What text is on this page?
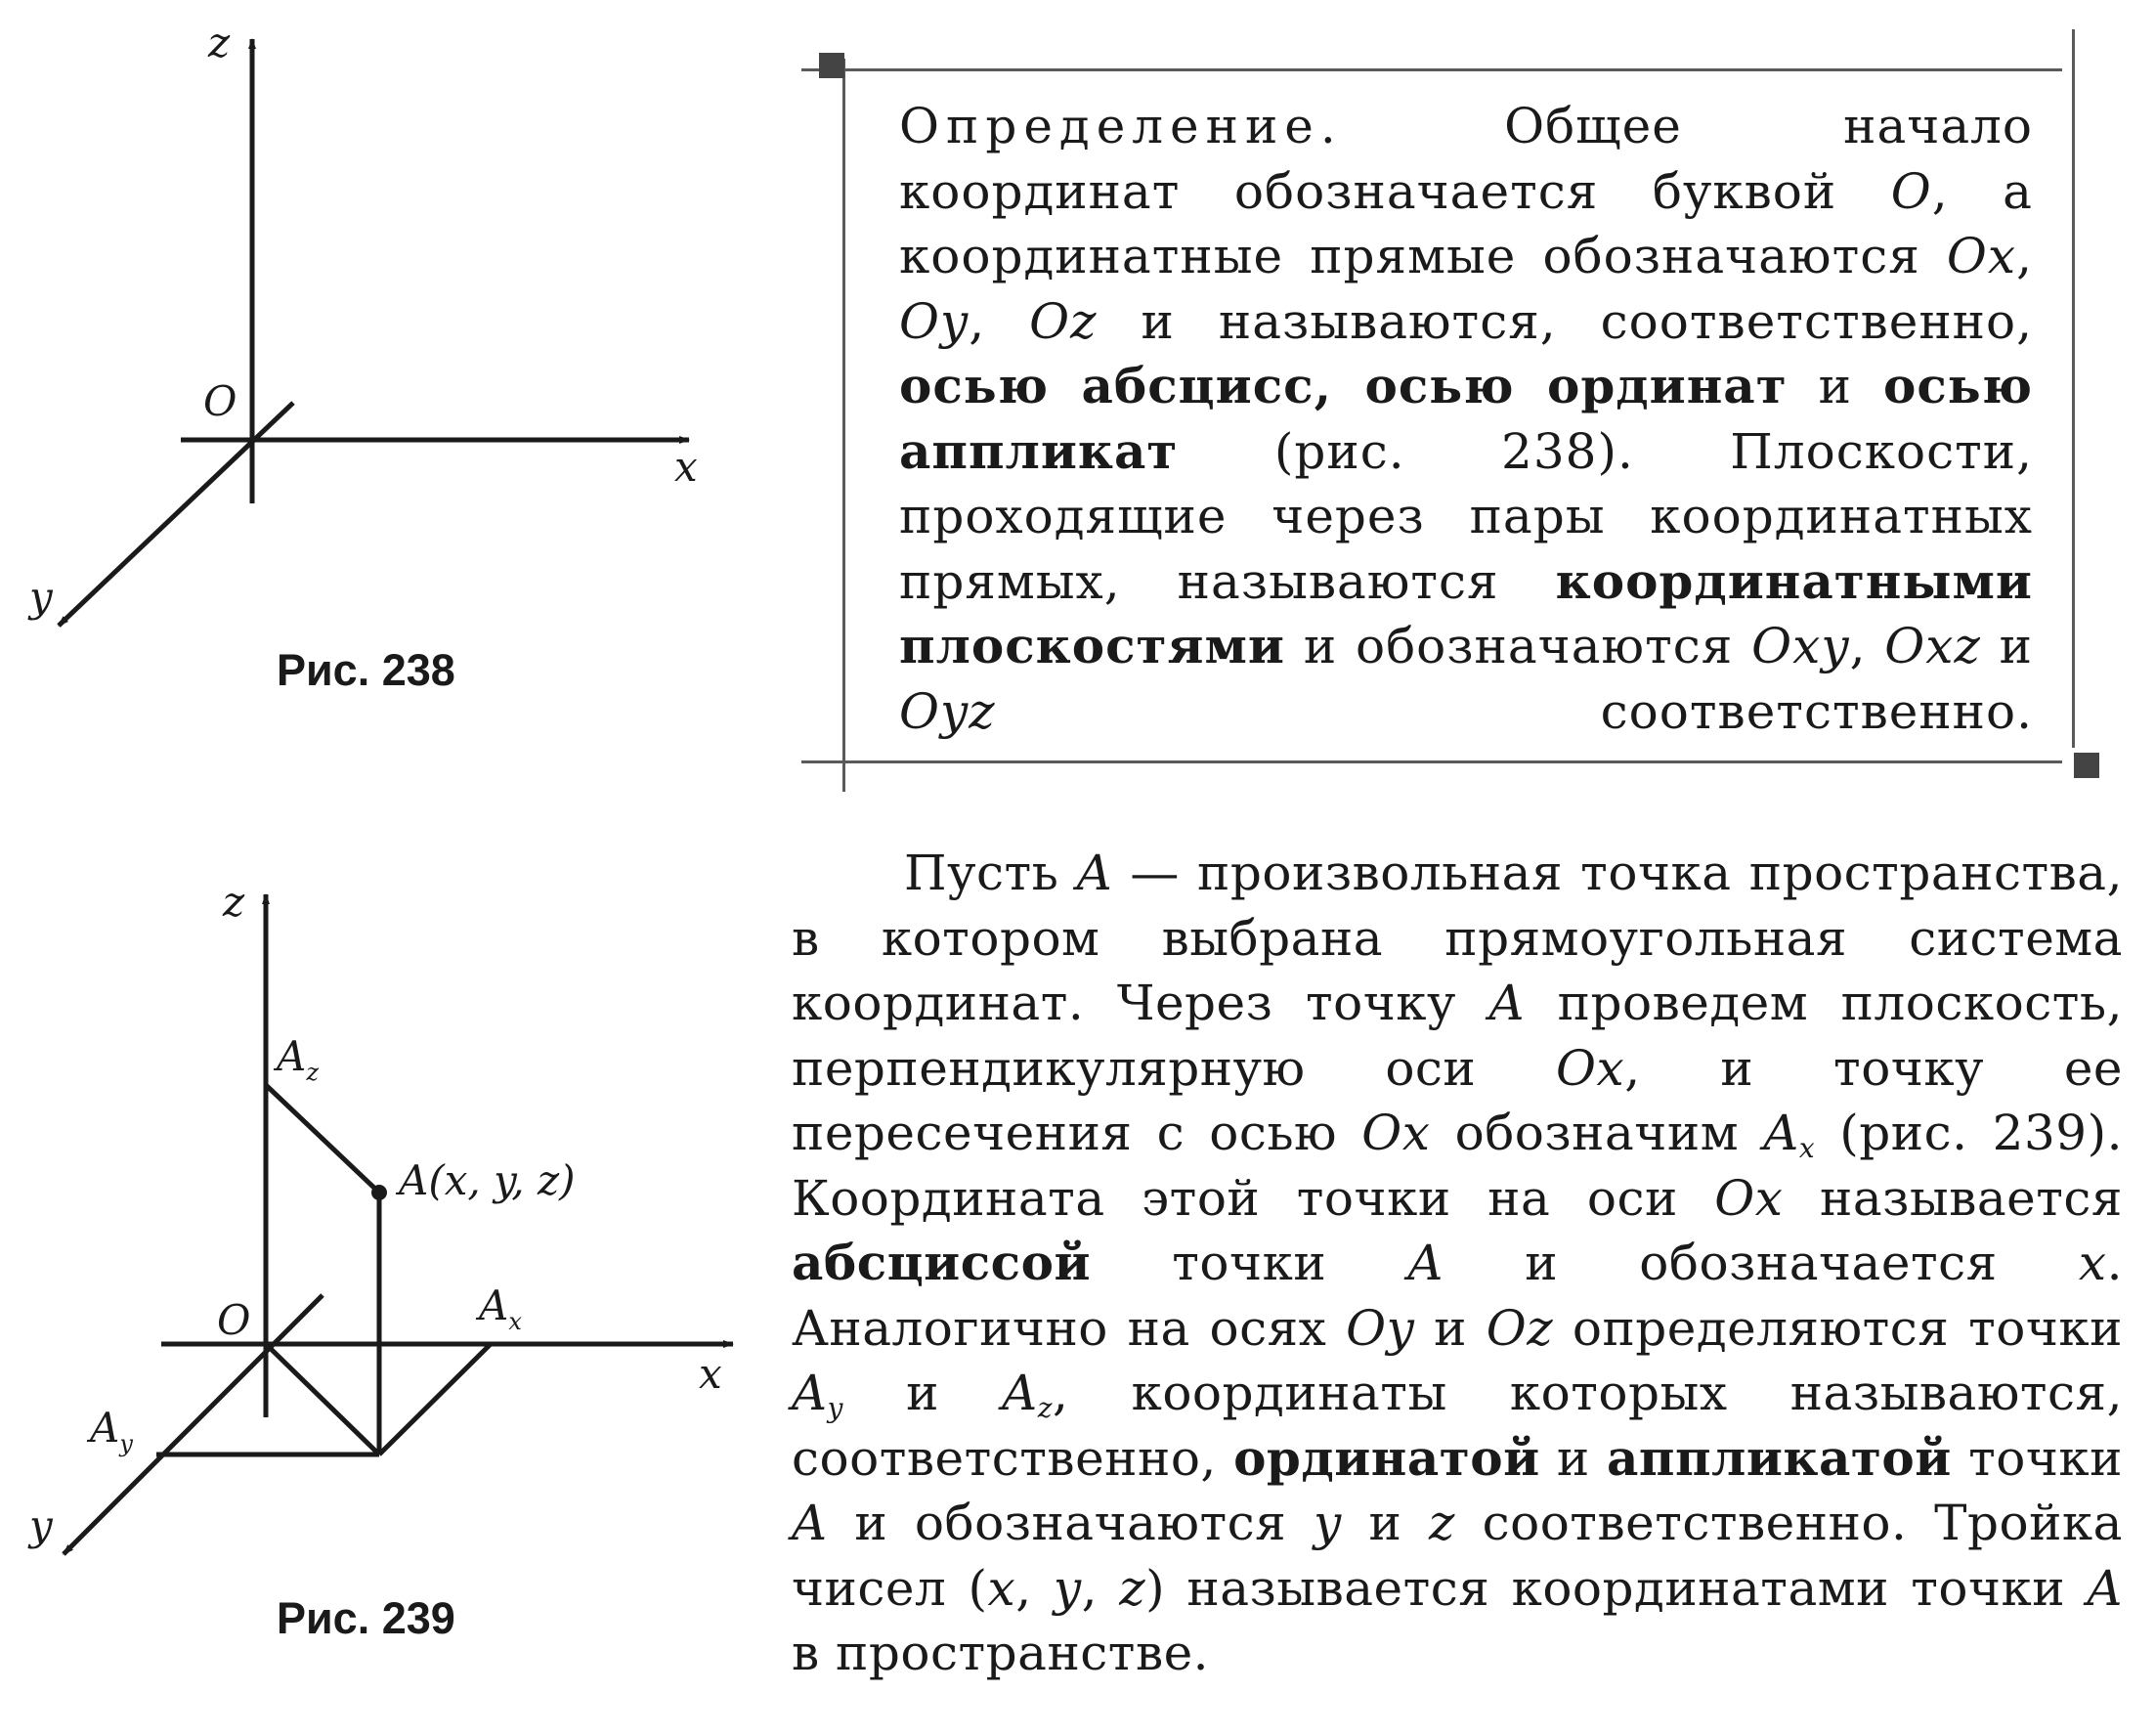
z
x
y
O
z
x
y
O
A(x, y, z)
$A_z$
$A_x$
$A_y$
Рис. 238
Рис. 239
Определение. Общее начало координат обозначается буквой O, а координатные прямые обозначаются Ox, Oy, Oz и называются, соответственно, осью абсцисс, осью ординат и осью аппликат (рис. 238). Плоскости, проходящие через пары координатных прямых, называются координатными плоскостями и обозначаются Oxy, Oxz и Oyz соответственно.

Пусть A — произвольная точка пространства, в котором выбрана прямоугольная система координат. Через точку A проведем плоскость, перпендикулярную оси Ox, и точку ее пересечения с осью Ox обозначим $A_x$ (рис. 239). Координата этой точки на оси Ox называется абсциссой точки A и обозначается x. Аналогично на осях Oy и Oz определяются точки $A_y$ и $A_z$, координаты которых называются, соответственно, ординатой и аппликатой точки A и обозначаются y и z соответственно. Тройка чисел (x, y, z) называется координатами точки A в пространстве.
